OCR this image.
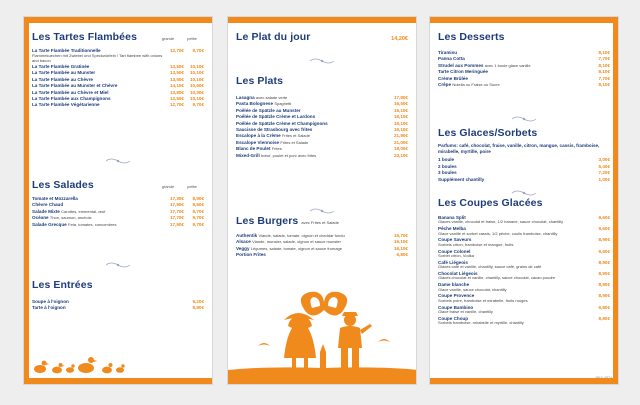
Les Tartes Flambées	grande	petite
La Tarte Flambée Traditionnelle
Flammekuechen mit Zwiebel und Speckwürfeln / Tart flambee with onions and bacon
12,70€	9,70€
La Tarte Flambée Gratinée	13,50€	10,10€
La Tarte Flambée au Munster	13,50€	10,10€
La Tarte Flambée au Chèvre	13,50€	10,10€
La Tarte Flambée au Munster et Chèvre	14,10€	10,60€
La Tarte Flambée au Chèvre et Miel	13,80€	10,30€
La Tarte Flambée aux Champignons	13,50€	10,10€
La Tarte Flambée Végétarienne	12,70€	9,70€
Les Salades	grande	petite
Tomate et Mozzarella	17,30€	8,90€
Chèvre Chaud	17,90€	9,50€
Salade Mixte Carottes, emmental, œuf	17,70€	9,70€
Océane Thon, saumon, anchois	17,70€	9,70€
Salade Grecque Feta, tomates, concombres	17,90€	9,70€
Les Entrées
Soupe à l'oignon	9,20€
Tarte à l'oignon	8,80€
Le Plat du jour	14,20€
Les Plats
Lasagna avec salade verte	17,80€
Pasta Bolognese Spaghetti	16,50€
Poêlée de Spätzle au Munster	16,10€
Poêlée de Spätzle Crème et Lardons	16,10€
Poêlée de Spätzle Crème et Champignons	16,10€
Saucisse de Strasbourg avec frites	16,10€
Escalope à la Crème Frites et Salade	21,90€
Escalope Viennoise Frites et Salade	21,00€
Blanc de Poulet Frites	18,00€
Mixed-Grill bœuf, poulet et porc avec frites	23,10€
Les Burgers avec Frites et Salade
Authentik Viande, salade, tomate, oignon et cheddar fondu	15,70€
Alsace Viande, munster, salade, oignon et sauce munster	16,10€
Veggy Légumes, salade, tomate, oignon et sauce fromage	16,10€
Portion Frites	6,80€
Les Desserts
Tiramisu	8,10€
Panna Cotta	7,70€
Strudel aux Pommes avec 1 boule glace vanille	8,10€
Tarte Citron Meringuée	8,10€
Crème Brûlée	7,70€
Crêpe Nutella ou Fraise ou Sucre	8,10€
Les Glaces/Sorbets
Parfums: café, chocolat, fraise, vanille, citron, mangue, cassis, framboise, mirabelle, myrtille, poire
1 boule	3,00€
2 boules	5,40€
3 boules	7,20€
Supplément chantilly	1,00€
Les Coupes Glacées
Banana Split
Glaces vanille, chocolat et fraise, 1/2 banane, sauce chocolat, chantilly
9,60€
Pêche Melba
Glace vanille et sorbet cassis, 1/2 pêche, coulis framboise, chantilly
9,60€
Coupe Saveurs
Sorbets citron, framboise et mangue, fruits
8,90€
Coupe Colonel
Sorbet citron, Vodka
9,60€
Café Liégeois
Glaces café et vanille, chantilly, sauce café, grains de café
8,90€
Chocolat Liégeois
Glaces chocolat et vanille, chantilly, sauce chocolat, cacao poudre
8,90€
Dame blanche
Glace vanille, sauce chocolat, chantilly
8,90€
Coupe Provence
Sorbets poire, framboise et mirabelle, fruits rouges
8,90€
Coupe Bambino
Glace fraise et vanille, chantilly
6,80€
Coupe Choup
Sorbets framboise, mirabelle et myrtille, chantilly
8,80€
